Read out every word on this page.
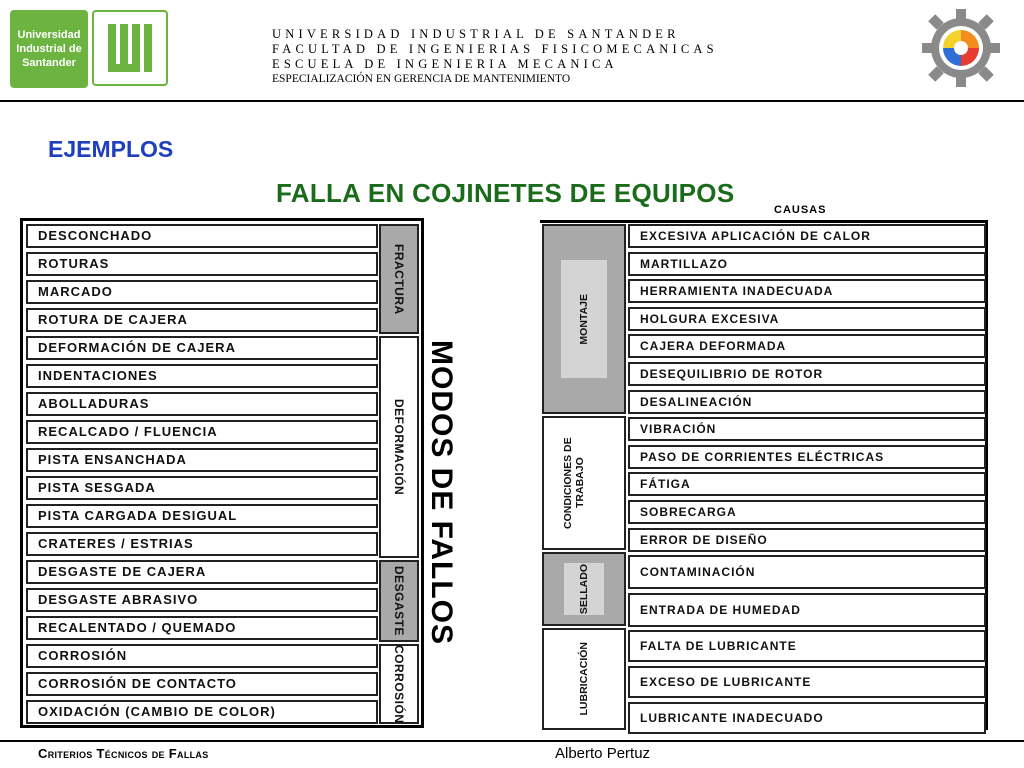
Universidad
Industrial de
Santander
UNIVERSIDAD INDUSTRIAL DE SANTANDER
FACULTAD DE INGENIERIAS FISICOMECANICAS
ESCUELA DE INGENIERIA MECANICA
ESPECIALIZACIÓN EN GERENCIA DE MANTENIMIENTO
EJEMPLOS
FALLA EN COJINETES DE EQUIPOS
DESCONCHADO
ROTURAS
MARCADO
ROTURA DE CAJERA
DEFORMACIÓN DE CAJERA
INDENTACIONES
ABOLLADURAS
RECALCADO / FLUENCIA
PISTA ENSANCHADA
PISTA SESGADA
PISTA CARGADA DESIGUAL
CRATERES / ESTRIAS
DESGASTE DE CAJERA
DESGASTE ABRASIVO
RECALENTADO / QUEMADO
CORROSIÓN
CORROSIÓN DE CONTACTO
OXIDACIÓN (CAMBIO DE COLOR)
FRACTURA
DEFORMACIÓN
DESGASTE
CORROSIÓN
MODOS DE FALLOS
CAUSAS
EXCESIVA APLICACIÓN DE CALOR
MARTILLAZO
HERRAMIENTA INADECUADA
HOLGURA EXCESIVA
CAJERA DEFORMADA
DESEQUILIBRIO DE ROTOR
DESALINEACIÓN
VIBRACIÓN
PASO DE CORRIENTES ELÉCTRICAS
FÁTIGA
SOBRECARGA
ERROR DE DISEÑO
CONTAMINACIÓN
ENTRADA DE HUMEDAD
FALTA DE LUBRICANTE
EXCESO DE LUBRICANTE
LUBRICANTE INADECUADO
MONTAJE
CONDICIONES DE TRABAJO
SELLADO
LUBRICACIÓN
Criterios Técnicos de Fallas	Alberto Pertuz
